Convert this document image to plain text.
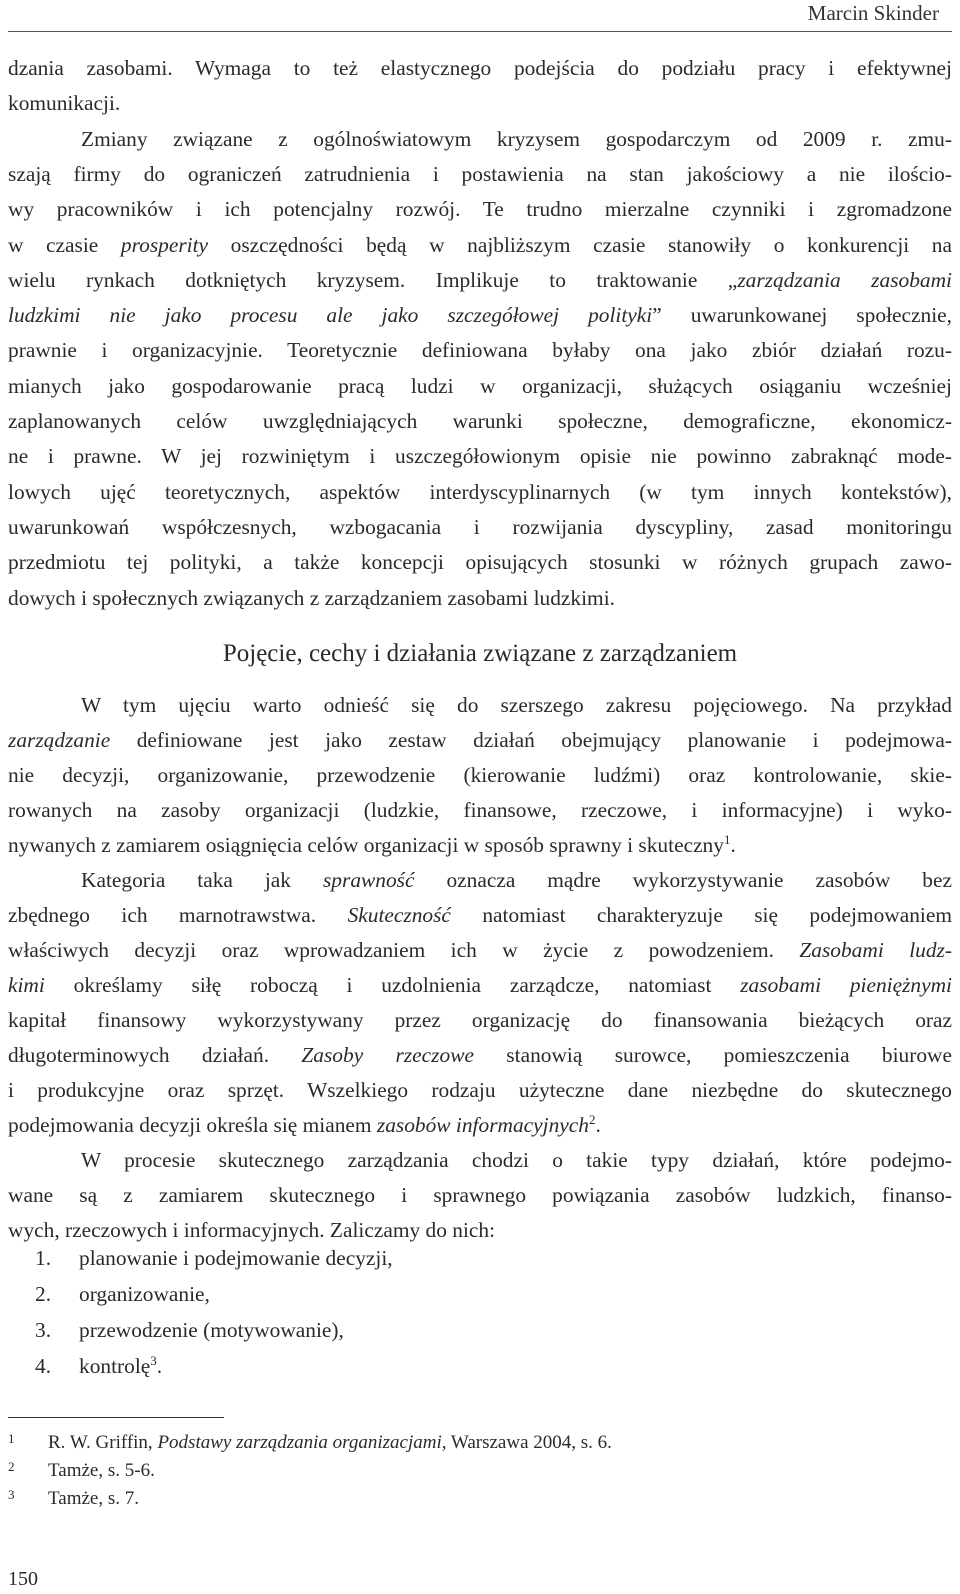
Marcin Skinder
dzania zasobami. Wymaga to też elastycznego podejścia do podziału pracy i efektywnej
komunikacji.
Zmiany związane z ogólnoświatowym kryzysem gospodarczym od 2009 r. zmu-
szają firmy do ograniczeń zatrudnienia i postawienia na stan jakościowy a nie ilościo-
wy pracowników i ich potencjalny rozwój. Te trudno mierzalne czynniki i zgromadzone
w czasie prosperity oszczędności będą w najbliższym czasie stanowiły o konkurencji na
wielu rynkach dotkniętych kryzysem. Implikuje to traktowanie „zarządzania zasobami
ludzkimi nie jako procesu ale jako szczegółowej polityki” uwarunkowanej społecznie,
prawnie i organizacyjnie. Teoretycznie definiowana byłaby ona jako zbiór działań rozu-
mianych jako gospodarowanie pracą ludzi w organizacji, służących osiąganiu wcześniej
zaplanowanych celów uwzględniających warunki społeczne, demograficzne, ekonomicz-
ne i prawne. W jej rozwiniętym i uszczegółowionym opisie nie powinno zabraknąć mode-
lowych ujęć teoretycznych, aspektów interdyscyplinarnych (w tym innych kontekstów),
uwarunkowań współczesnych, wzbogacania i rozwijania dyscypliny, zasad monitoringu
przedmiotu tej polityki, a także koncepcji opisujących stosunki w różnych grupach zawo-
dowych i społecznych związanych z zarządzaniem zasobami ludzkimi.
Pojęcie, cechy i działania związane z zarządzaniem
W tym ujęciu warto odnieść się do szerszego zakresu pojęciowego. Na przykład
zarządzanie definiowane jest jako zestaw działań obejmujący planowanie i podejmowa-
nie decyzji, organizowanie, przewodzenie (kierowanie ludźmi) oraz kontrolowanie, skie-
rowanych na zasoby organizacji (ludzkie, finansowe, rzeczowe, i informacyjne) i wyko-
nywanych z zamiarem osiągnięcia celów organizacji w sposób sprawny i skuteczny$^1$.
Kategoria taka jak sprawność oznacza mądre wykorzystywanie zasobów bez
zbędnego ich marnotrawstwa. Skuteczność natomiast charakteryzuje się podejmowaniem
właściwych decyzji oraz wprowadzaniem ich w życie z powodzeniem. Zasobami ludz-
kimi określamy siłę roboczą i uzdolnienia zarządcze, natomiast zasobami pieniężnymi
kapitał finansowy wykorzystywany przez organizację do finansowania bieżących oraz
długoterminowych działań. Zasoby rzeczowe stanowią surowce, pomieszczenia biurowe
i produkcyjne oraz sprzęt. Wszelkiego rodzaju użyteczne dane niezbędne do skutecznego
podejmowania decyzji określa się mianem zasobów informacyjnych$^2$.
W procesie skutecznego zarządzania chodzi o takie typy działań, które podejmo-
wane są z zamiarem skutecznego i sprawnego powiązania zasobów ludzkich, finanso-
wych, rzeczowych i informacyjnych. Zaliczamy do nich:
1. planowanie i podejmowanie decyzji,
2. organizowanie,
3. przewodzenie (motywowanie),
4. kontrolę$^3$.
1 R. W. Griffin, Podstawy zarządzania organizacjami, Warszawa 2004, s. 6.
2 Tamże, s. 5-6.
3 Tamże, s. 7.
150
